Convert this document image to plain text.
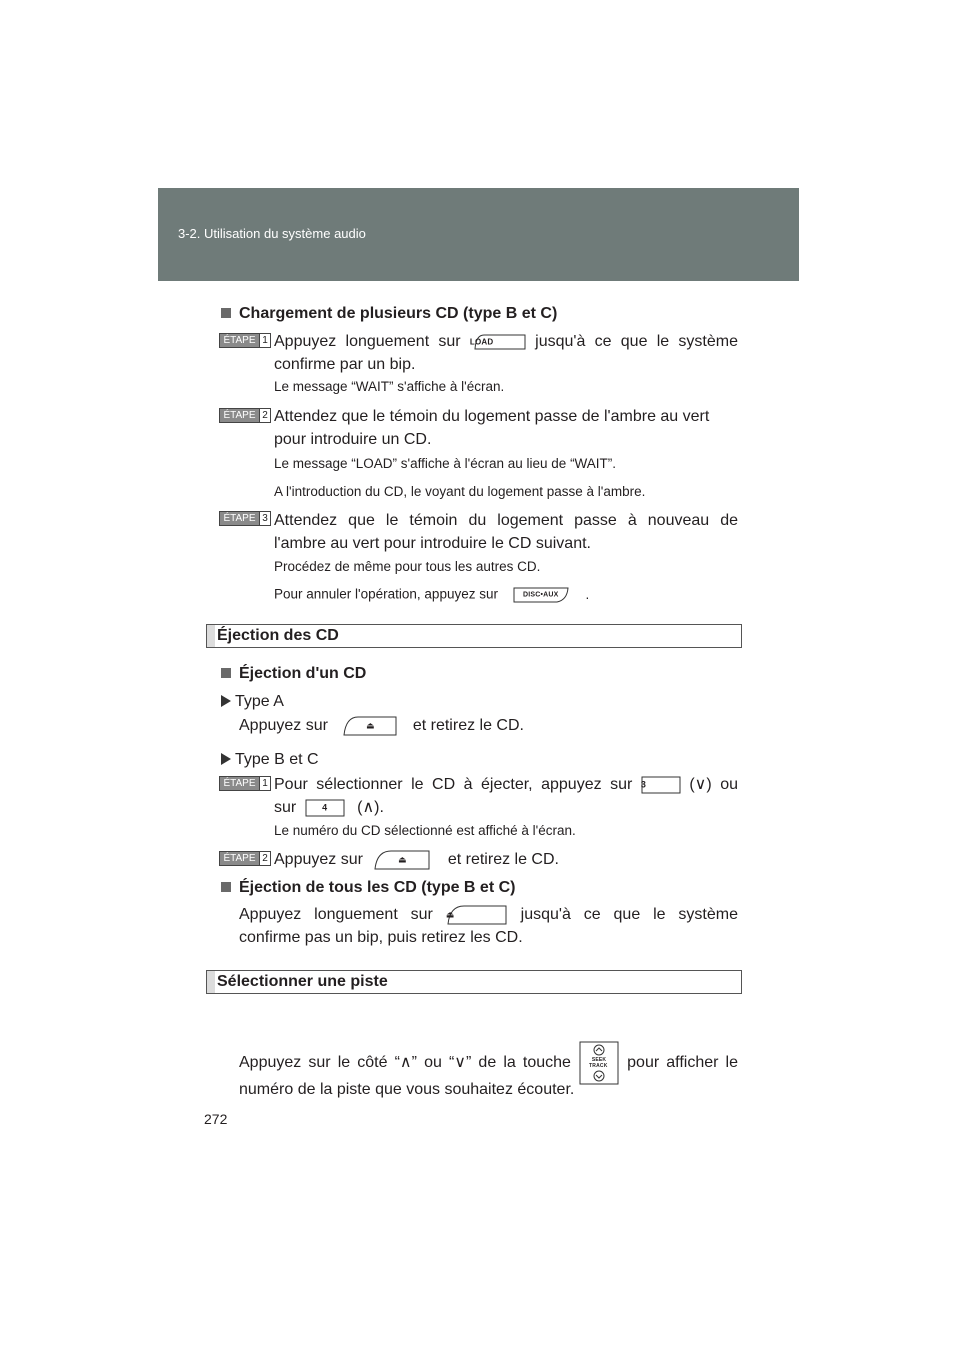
3-2. Utilisation du système audio
Chargement de plusieurs CD (type B et C)
ÉTAPE 1 Appuyez longuement sur LOAD	jusqu'à ce que le système
confirme par un bip.
Le message “WAIT” s'affiche à l'écran.
ÉTAPE 2 Attendez que le témoin du logement passe de l'ambre au vert
pour introduire un CD.
Le message “LOAD” s'affiche à l'écran au lieu de “WAIT”.
A l'introduction du CD, le voyant du logement passe à l'ambre.
ÉTAPE 3 Attendez que le témoin du logement passe à nouveau de
l'ambre au vert pour introduire le CD suivant.
Procédez de même pour tous les autres CD.
Pour annuler l'opération, appuyez sur	DISC•AUX	.
Éjection des CD
Éjection d'un CD
Type A
Appuyez sur	⏏	et retirez le CD.
Type B et C
ÉTAPE 1 Pour sélectionner le CD à éjecter, appuyez sur 3	(∨) ou
sur	4	(∧).
Le numéro du CD sélectionné est affiché à l'écran.
ÉTAPE 2 Appuyez sur	⏏	et retirez le CD.
Éjection de tous les CD (type B et C)
Appuyez longuement sur ⏏	jusqu'à ce que le système
confirme pas un bip, puis retirez les CD.
Sélectionner une piste
Appuyez sur le côté “∧” ou “∨” de la touche	SEEK TRACK pour afficher le
numéro de la piste que vous souhaitez écouter.
272
